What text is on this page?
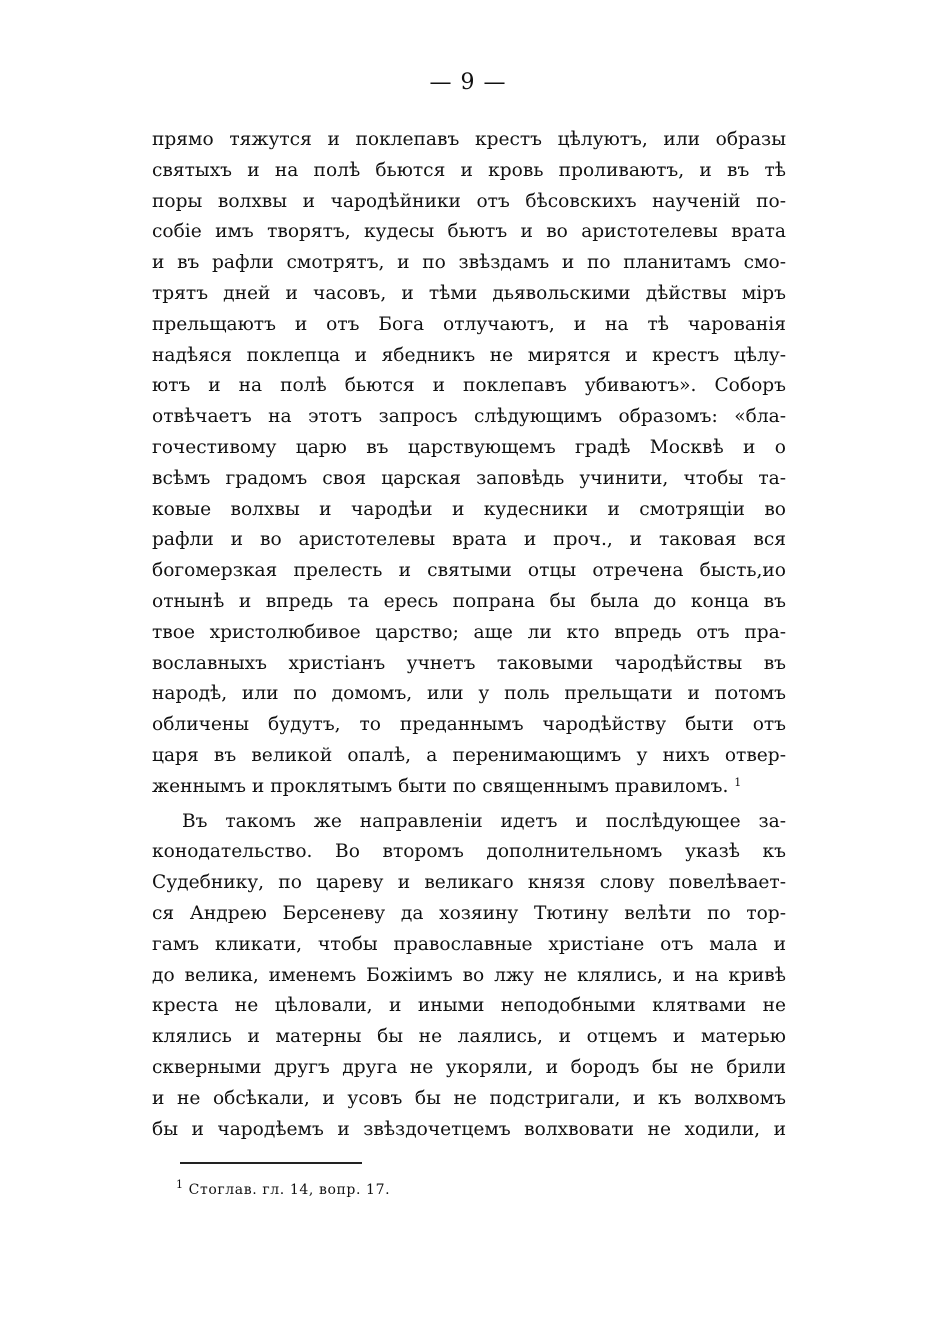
— 9 —
прямо тяжутся и поклепавъ крестъ цѣлуютъ, или образы
святыхъ и на полѣ бьются и кровь проливаютъ, и въ тѣ
поры волхвы и чародѣйники отъ бѣсовскихъ наученій по-
собіе имъ творятъ, кудесы бьютъ и во аристотелевы врата
и въ рафли смотрятъ, и по звѣздамъ и по планитамъ смо-
трятъ дней и часовъ, и тѣми дьявольскими дѣйствы міръ
прельщаютъ и отъ Бога отлучаютъ, и на тѣ чарованія
надѣяся поклепца и ябедникъ не мирятся и крестъ цѣлу-
ютъ и на полѣ бьются и поклепавъ убиваютъ». Соборъ
отвѣчаетъ на этотъ запросъ слѣдующимъ образомъ: «бла-
гочестивому царю въ царствующемъ градѣ Москвѣ и о
всѣмъ градомъ своя царская заповѣдь учинити, чтобы та-
ковые волхвы и чародѣи и кудесники и смотрящіи во
рафли и во аристотелевы врата и проч., и таковая вся
богомерзкая прелесть и святыми отцы отречена бысть,ио
отнынѣ и впредь та ересь попрана бы была до конца въ
твое христолюбивое царство; аще ли кто впредь отъ пра-
вославныхъ христіанъ учнетъ таковыми чародѣйствы въ
народѣ, или по домомъ, или у поль прельщати и потомъ
обличены будутъ, то преданнымъ чародѣйству быти отъ
царя въ великой опалѣ, а перенимающимъ у нихъ отвер-
женнымъ и проклятымъ быти по священнымъ правиломъ. $^1$
Въ такомъ же направленіи идетъ и послѣдующее за-
конодательство. Во второмъ дополнительномъ указѣ къ
Судебнику, по цареву и великаго князя слову повелѣвает-
ся Андрею Берсеневу да хозяину Тютину велѣти по тор-
гамъ кликати, чтобы православные христіане отъ мала и
до велика, именемъ Божіимъ во лжу не клялись, и на кривѣ
креста не цѣловали, и иными неподобными клятвами не
клялись и матерны бы не лаялись, и отцемъ и матерью
скверными другъ друга не укоряли, и бородъ бы не брили
и не обсѣкали, и усовъ бы не подстригали, и къ волхвомъ
бы и чародѣемъ и звѣздочетцемъ волхвовати не ходили, и
$^1$ Стоглав. гл. 14, вопр. 17.
